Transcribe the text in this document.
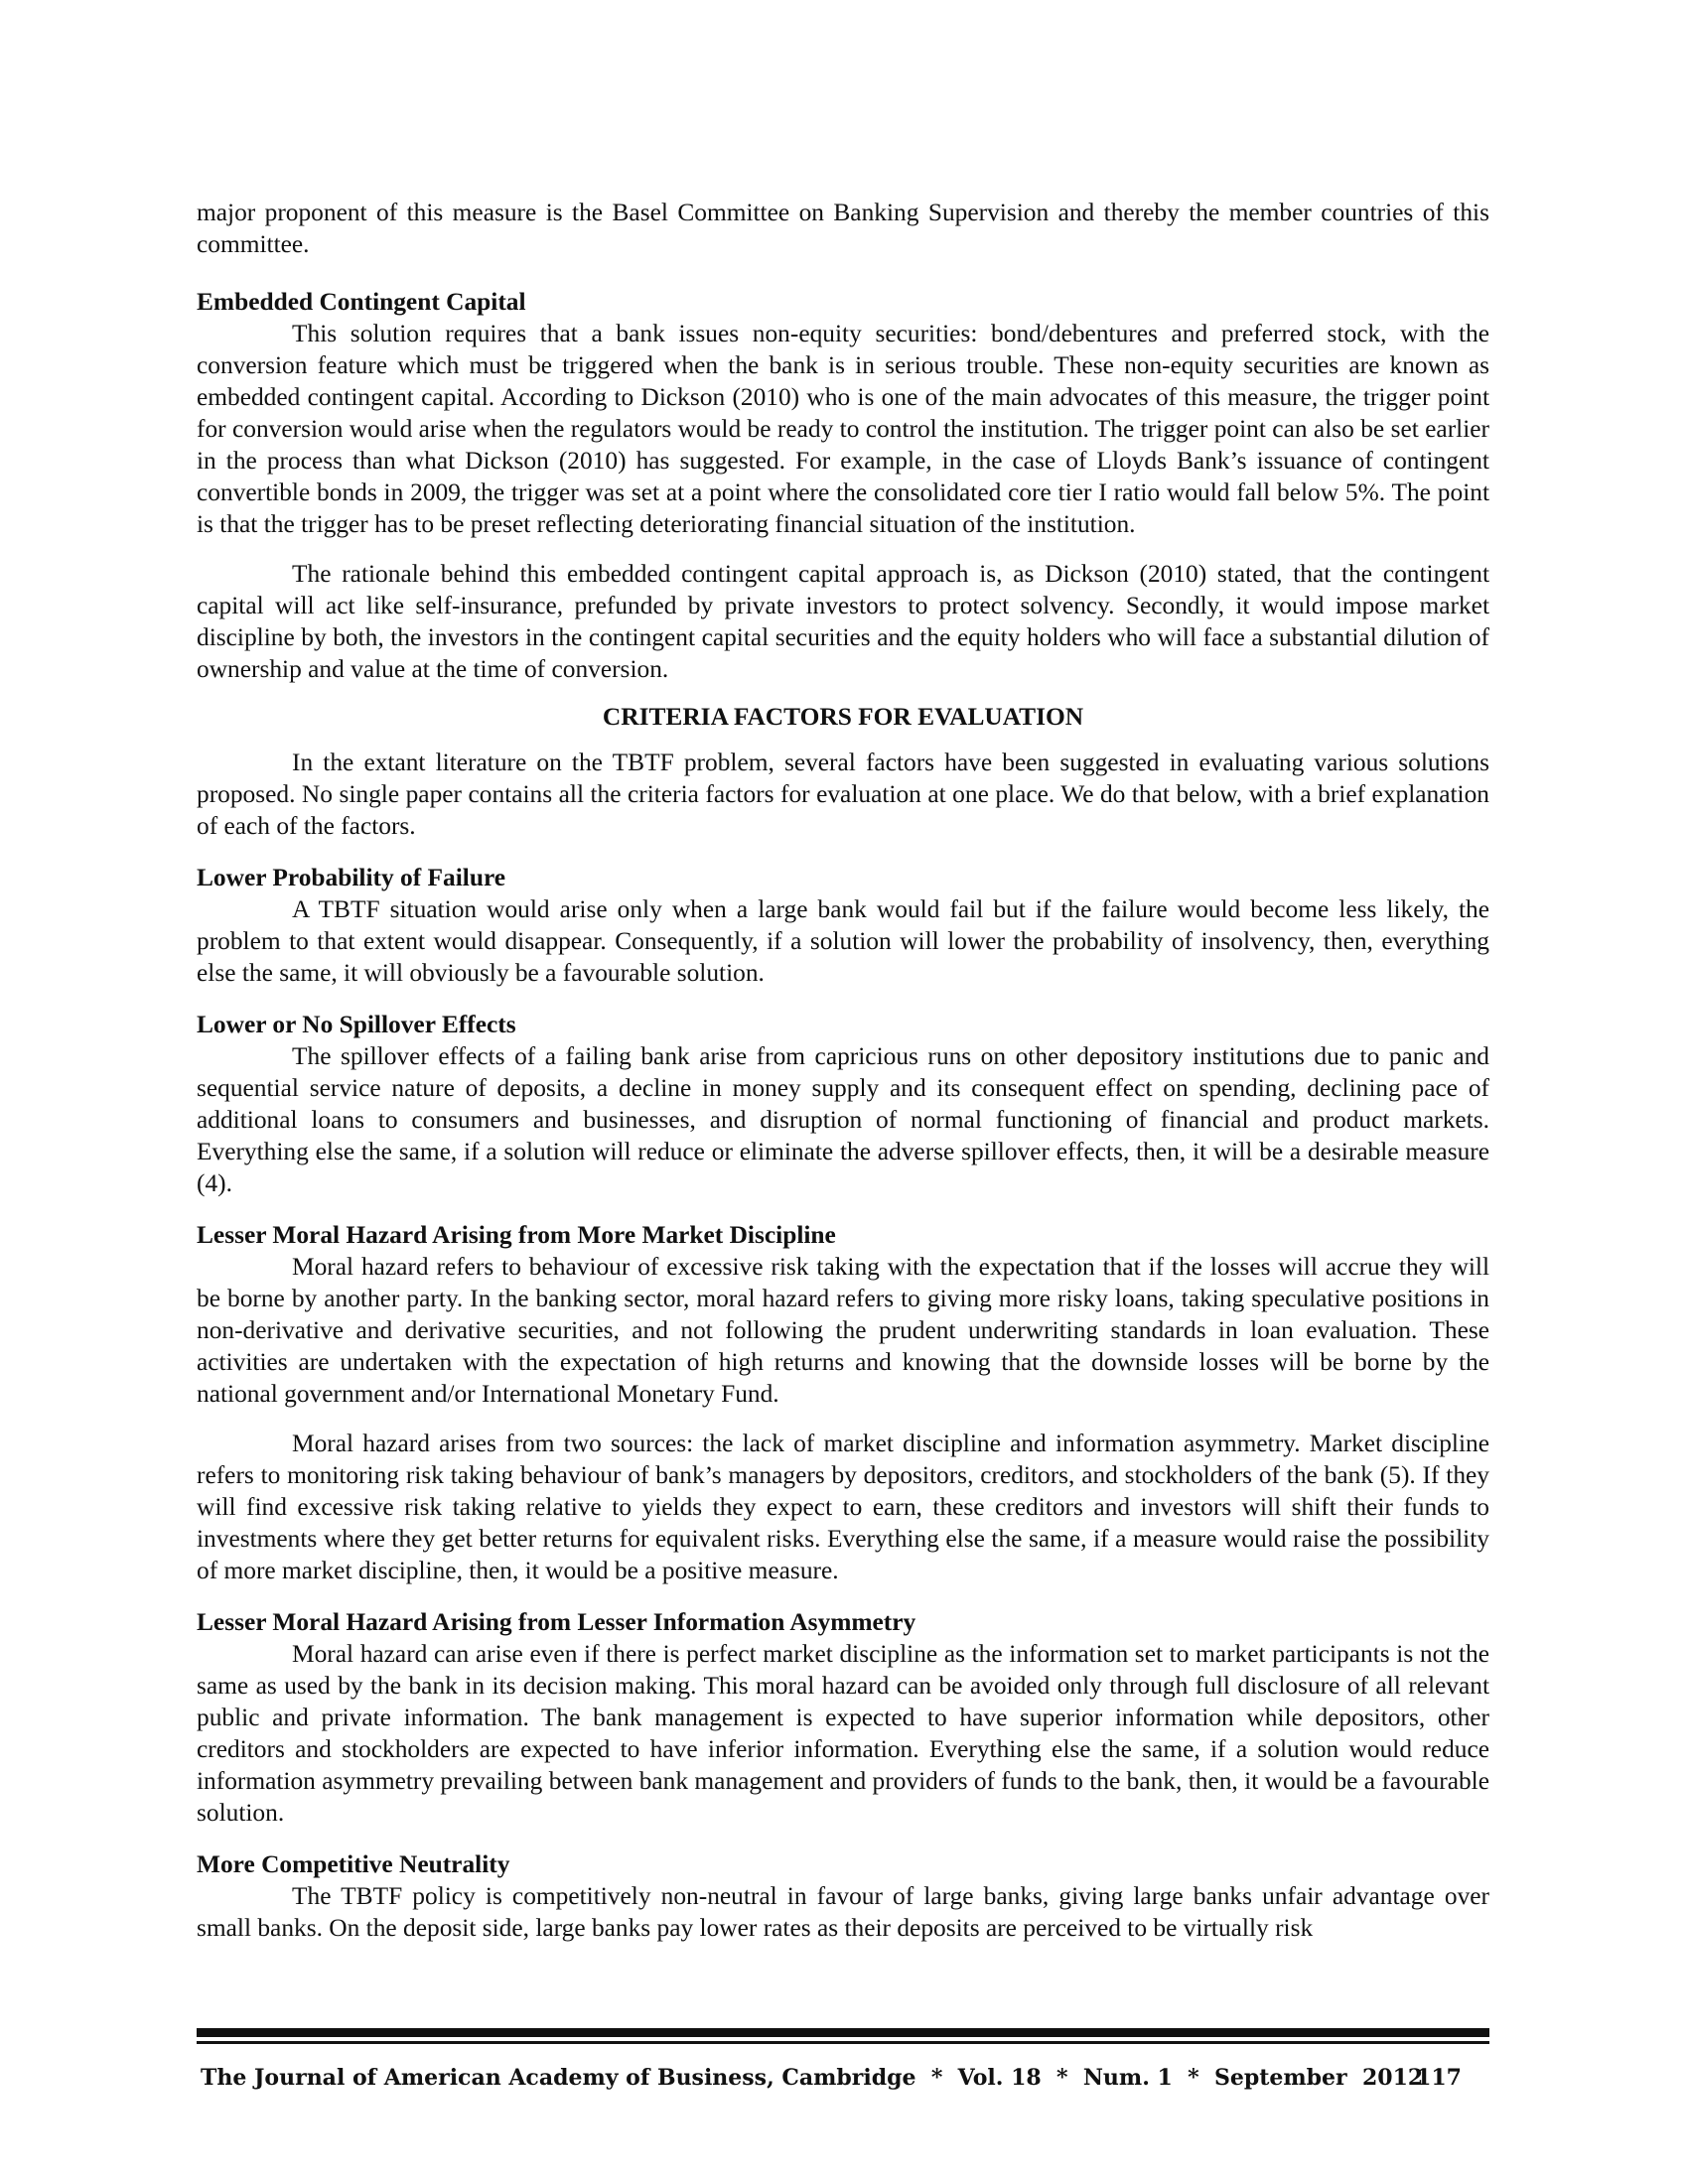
major proponent of this measure is the Basel Committee on Banking Supervision and thereby the member countries of this committee.

Embedded Contingent Capital

This solution requires that a bank issues non-equity securities: bond/debentures and preferred stock, with the conversion feature which must be triggered when the bank is in serious trouble. These non-equity securities are known as embedded contingent capital. According to Dickson (2010) who is one of the main advocates of this measure, the trigger point for conversion would arise when the regulators would be ready to control the institution. The trigger point can also be set earlier in the process than what Dickson (2010) has suggested. For example, in the case of Lloyds Bank’s issuance of contingent convertible bonds in 2009, the trigger was set at a point where the consolidated core tier I ratio would fall below 5%. The point is that the trigger has to be preset reflecting deteriorating financial situation of the institution.

The rationale behind this embedded contingent capital approach is, as Dickson (2010) stated, that the contingent capital will act like self-insurance, prefunded by private investors to protect solvency. Secondly, it would impose market discipline by both, the investors in the contingent capital securities and the equity holders who will face a substantial dilution of ownership and value at the time of conversion.

CRITERIA FACTORS FOR EVALUATION

In the extant literature on the TBTF problem, several factors have been suggested in evaluating various solutions proposed. No single paper contains all the criteria factors for evaluation at one place. We do that below, with a brief explanation of each of the factors.

Lower Probability of Failure

A TBTF situation would arise only when a large bank would fail but if the failure would become less likely, the problem to that extent would disappear. Consequently, if a solution will lower the probability of insolvency, then, everything else the same, it will obviously be a favourable solution.

Lower or No Spillover Effects

The spillover effects of a failing bank arise from capricious runs on other depository institutions due to panic and sequential service nature of deposits, a decline in money supply and its consequent effect on spending, declining pace of additional loans to consumers and businesses, and disruption of normal functioning of financial and product markets. Everything else the same, if a solution will reduce or eliminate the adverse spillover effects, then, it will be a desirable measure (4).

Lesser Moral Hazard Arising from More Market Discipline

Moral hazard refers to behaviour of excessive risk taking with the expectation that if the losses will accrue they will be borne by another party. In the banking sector, moral hazard refers to giving more risky loans, taking speculative positions in non-derivative and derivative securities, and not following the prudent underwriting standards in loan evaluation. These activities are undertaken with the expectation of high returns and knowing that the downside losses will be borne by the national government and/or International Monetary Fund.

Moral hazard arises from two sources: the lack of market discipline and information asymmetry. Market discipline refers to monitoring risk taking behaviour of bank’s managers by depositors, creditors, and stockholders of the bank (5). If they will find excessive risk taking relative to yields they expect to earn, these creditors and investors will shift their funds to investments where they get better returns for equivalent risks. Everything else the same, if a measure would raise the possibility of more market discipline, then, it would be a positive measure.

Lesser Moral Hazard Arising from Lesser Information Asymmetry

Moral hazard can arise even if there is perfect market discipline as the information set to market participants is not the same as used by the bank in its decision making. This moral hazard can be avoided only through full disclosure of all relevant public and private information. The bank management is expected to have superior information while depositors, other creditors and stockholders are expected to have inferior information. Everything else the same, if a solution would reduce information asymmetry prevailing between bank management and providers of funds to the bank, then, it would be a favourable solution.

More Competitive Neutrality

The TBTF policy is competitively non-neutral in favour of large banks, giving large banks unfair advantage over small banks. On the deposit side, large banks pay lower rates as their deposits are perceived to be virtually risk

The Journal of American Academy of Business, Cambridge  *  Vol. 18  *  Num. 1  *  September  2012
117
